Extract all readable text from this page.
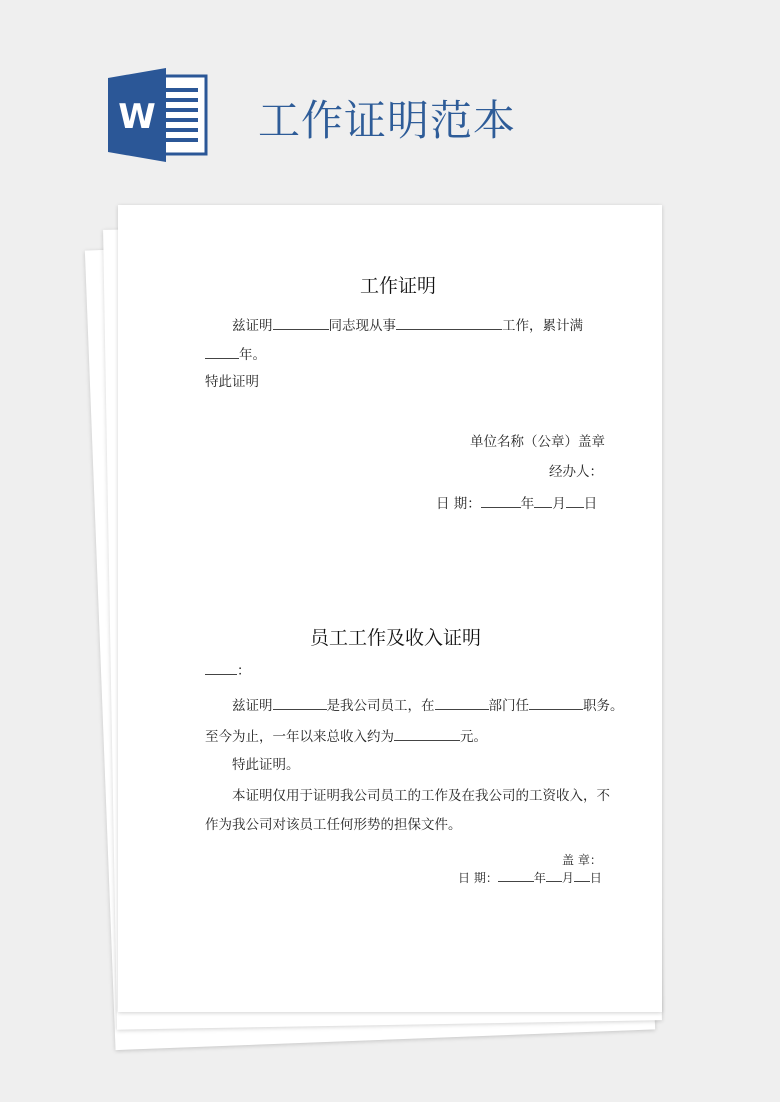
W 工作证明范本
工作证明
兹证明	同志现从事	工作，累计满
年。
特此证明
单位名称（公章）盖章
经办人：
日 期：	年 月 日
员工工作及收入证明
：
兹证明	是我公司员工，在	部门任	职务。
至今为止，一年以来总收入约为	元。
特此证明。
本证明仅用于证明我公司员工的工作及在我公司的工资收入，不
作为我公司对该员工任何形势的担保文件。
盖 章：
日 期：	年 月 日
